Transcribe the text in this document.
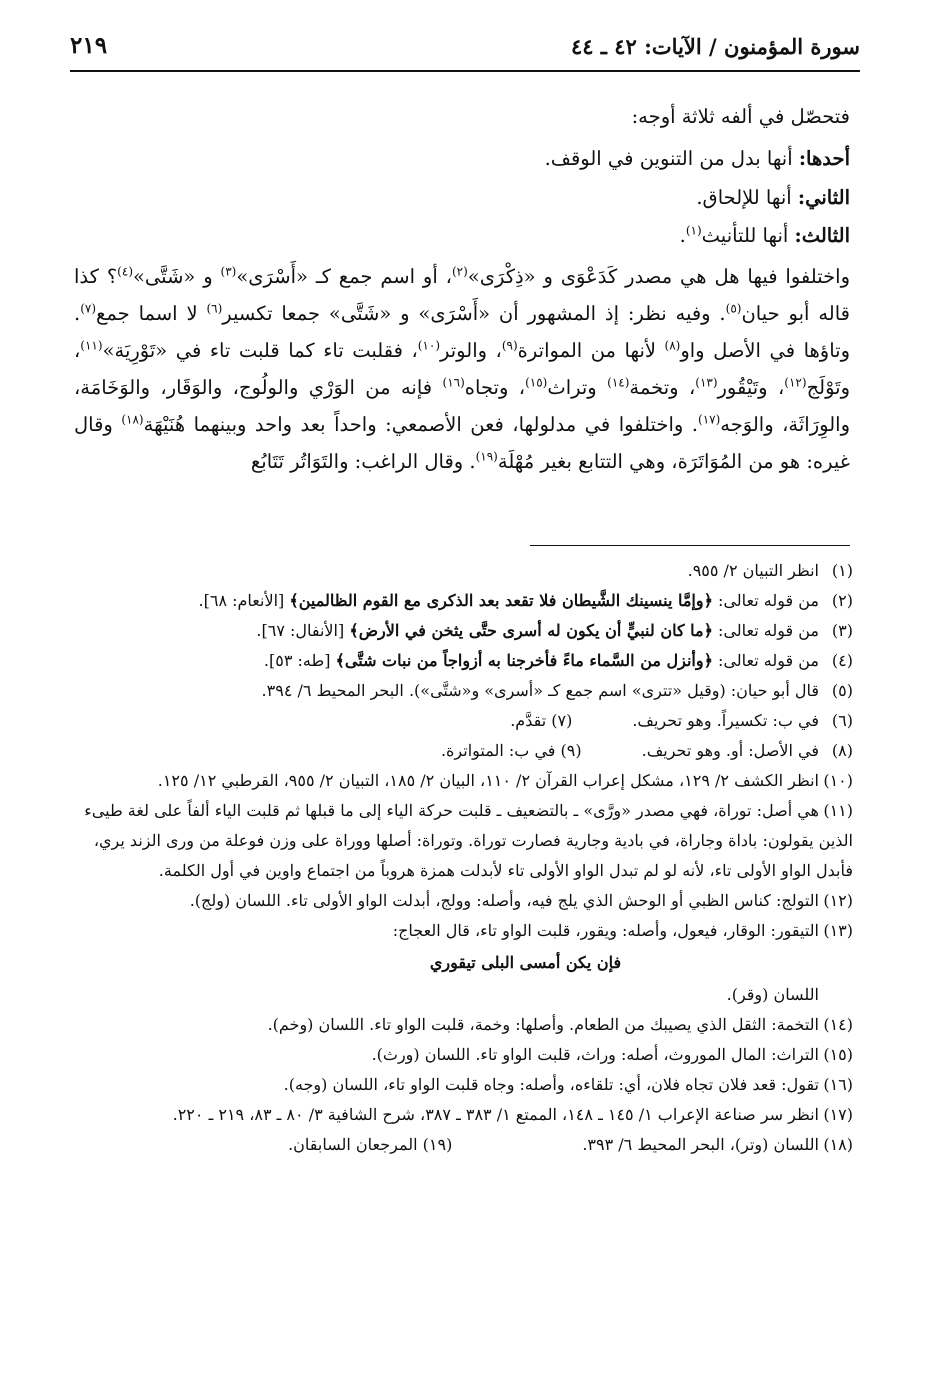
سورة المؤمنون / الآيات: ٤٢ ـ ٤٤
٢١٩
فتحصّل في ألفه ثلاثة أوجه:
أحدها: أنها بدل من التنوين في الوقف.
الثاني: أنها للإلحاق.
الثالث: أنها للتأنيث$^{(١)}$.
واختلفوا فيها هل هي مصدر كَدَعْوَى و «ذِكْرَى»$^{(٢)}$، أو اسم جمع كـ «أَسْرَى»$^{(٣)}$ و «شَتَّى»$^{(٤)}$؟ كذا قاله أبو حيان$^{(٥)}$. وفيه نظر: إذ المشهور أن «أَسْرَى» و «شَتَّى» جمعا تكسير$^{(٦)}$ لا اسما جمع$^{(٧)}$. وتاؤها في الأصل واو$^{(٨)}$ لأنها من المواترة$^{(٩)}$، والوتر$^{(١٠)}$، فقلبت تاء كما قلبت تاء في «تَوْرِيَة»$^{(١١)}$، وتَوْلَج$^{(١٢)}$، وتَيْقُور$^{(١٣)}$، وتخمة$^{(١٤)}$ وتراث$^{(١٥)}$، وتجاه$^{(١٦)}$ فإنه من الوَرْي والولُوج، والوَقَار، والوَخَامَة، والوِرَاثَة، والوَجه$^{(١٧)}$. واختلفوا في مدلولها، فعن الأصمعي: واحداً بعد واحد وبينهما هُنَيْهَة$^{(١٨)}$ وقال غيره: هو من المُوَاتَرَة، وهي التتابع بغير مُهْلَة$^{(١٩)}$. وقال الراغب: والتَوَاتُر تَتَابُع
(١)انظر التبيان ٢/ ٩٥٥.
(٢)من قوله تعالى: ﴿وإمَّا ينسينك الشَّيطان فلا تقعد بعد الذكرى مع القوم الظالمين﴾ [الأنعام: ٦٨].
(٣)من قوله تعالى: ﴿ما كان لنبيٍّ أن يكون له أسرى حتَّى يثخن في الأرض﴾ [الأنفال: ٦٧].
(٤)من قوله تعالى: ﴿وأنزل من السَّماء ماءً فأخرجنا به أزواجاً من نبات شتَّى﴾ [طه: ٥٣].
(٥)قال أبو حيان: (وقيل «تترى» اسم جمع كـ «أسرى» و«شتَّى»). البحر المحيط ٦/ ٣٩٤.
(٦)في ب: تكسيراً. وهو تحريف.(٧) تقدَّم.
(٨)في الأصل: أو. وهو تحريف.(٩) في ب: المتواترة.
(١٠)انظر الكشف ٢/ ١٢٩، مشكل إعراب القرآن ٢/ ١١٠، البيان ٢/ ١٨٥، التبيان ٢/ ٩٥٥، القرطبي ١٢/ ١٢٥.
(١١)هي أصل: توراة، فهي مصدر «ورَّى» ـ بالتضعيف ـ قلبت حركة الياء إلى ما قبلها ثم قلبت الياء ألفاً على لغة طيىء الذين يقولون: باداة وجاراة، في بادية وجارية فصارت توراة. وتوراة: أصلها ووراة على وزن فوعلة من ورى الزند يري، فأبدل الواو الأولى تاء، لأنه لو لم تبدل الواو الأولى تاء لأبدلت همزة هروباً من اجتماع واوين في أول الكلمة.
(١٢)التولج: كناس الظبي أو الوحش الذي يلج فيه، وأصله: وولج، أبدلت الواو الأولى تاء. اللسان (ولج).
(١٣)التيقور: الوقار، فيعول، وأصله: ويقور، قلبت الواو تاء، قال العجاج:
فإن يكن أمسى البلى تيقوري
اللسان (وقر).
(١٤)التخمة: الثقل الذي يصيبك من الطعام. وأصلها: وخمة، قلبت الواو تاء. اللسان (وخم).
(١٥)التراث: المال الموروث، أصله: وراث، قلبت الواو تاء. اللسان (ورث).
(١٦)تقول: قعد فلان تجاه فلان، أي: تلقاءه، وأصله: وجاه قلبت الواو تاء، اللسان (وجه).
(١٧)انظر سر صناعة الإعراب ١/ ١٤٥ ـ ١٤٨، الممتع ١/ ٣٨٣ ـ ٣٨٧، شرح الشافية ٣/ ٨٠ ـ ٨٣، ٢١٩ ـ ٢٢٠.
(١٨)اللسان (وتر)، البحر المحيط ٦/ ٣٩٣.(١٩) المرجعان السابقان.
